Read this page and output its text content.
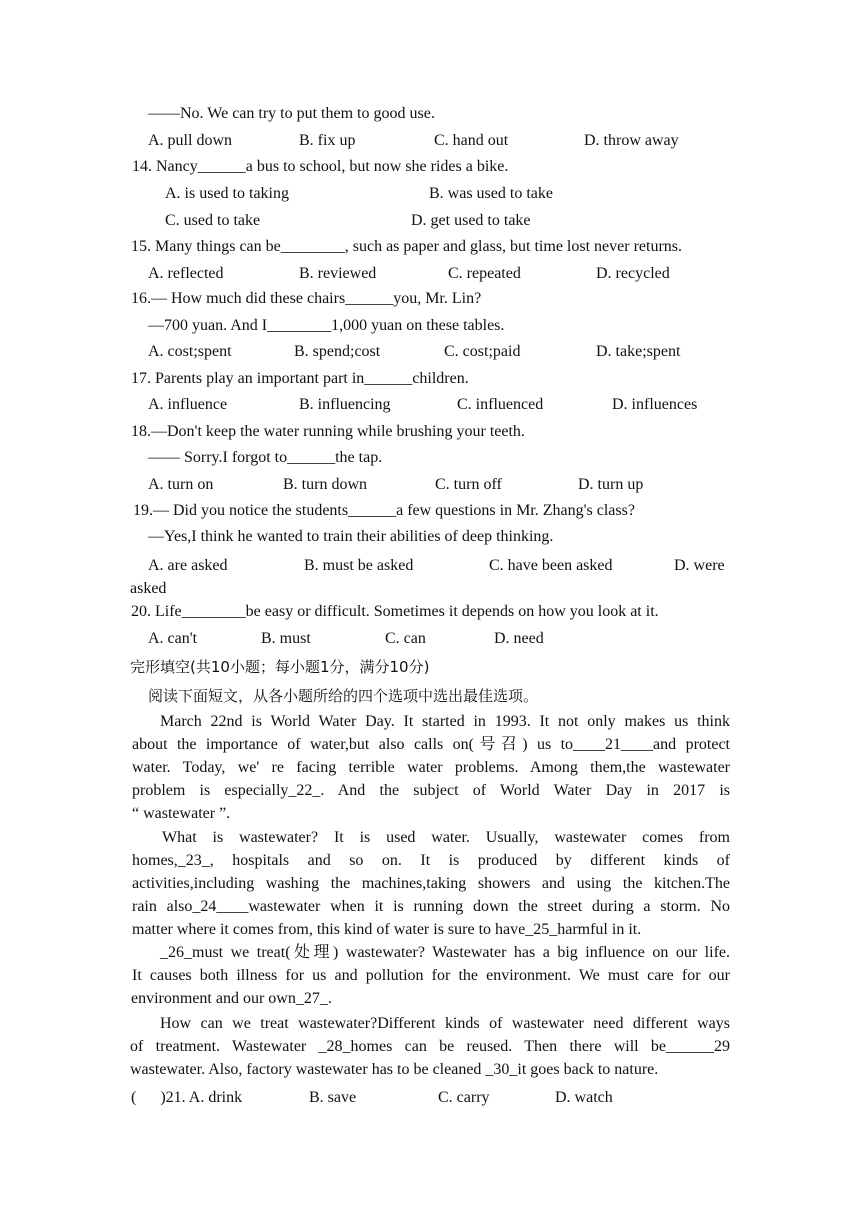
——No. We can try to put them to good use.
A. pull down	B. fix up	C. hand out	D. throw away
14. Nancy______a bus to school, but now she rides a bike.
A. is used to taking	B. was used to take
C. used to take	D. get used to take
15. Many things can be________, such as paper and glass, but time lost never returns.
A. reflected	B. reviewed	C. repeated	D. recycled
16.— How much did these chairs______you, Mr. Lin?
—700 yuan. And I________1,000 yuan on these tables.
A. cost;spent	B. spend;cost	C. cost;paid	D. take;spent
17. Parents play an important part in______children.
A. influence	B. influencing	C. influenced	D. influences
18.—Don't keep the water running while brushing your teeth.
—— Sorry.I forgot to______the tap.
A. turn on	B. turn down	C. turn off	D. turn up
19.— Did you notice the students______a few questions in Mr. Zhang's class?
—Yes,I think he wanted to train their abilities of deep thinking.
A. are asked	B. must be asked	C. have been asked	D. were
asked
20. Life________be easy or difficult. Sometimes it depends on how you look at it.
A. can't	B. must	C. can	D. need
完形填空(共10小题；每小题1分，满分10分)
阅读下面短文，从各小题所给的四个选项中选出最佳选项。
March 22nd is World Water Day. It started in 1993. It not only makes us think
about the importance of water,but also calls on(号召) us to____21____and protect
water. Today, we' re facing terrible water problems. Among them,the wastewater
problem is especially_22_. And the subject of World Water Day in 2017 is
“ wastewater ”.
What is wastewater? It is used water. Usually, wastewater comes from
homes,_23_, hospitals and so on. It is produced by different kinds of
activities,including washing the machines,taking showers and using the kitchen.The
rain also_24____wastewater when it is running down the street during a storm. No
matter where it comes from, this kind of water is sure to have_25_harmful in it.
_26_must we treat(处理) wastewater? Wastewater has a big influence on our life.
It causes both illness for us and pollution for the environment. We must care for our
environment and our own_27_.
How can we treat wastewater?Different kinds of wastewater need different ways
of treatment. Wastewater _28_homes can be reused. Then there will be______29
wastewater. Also, factory wastewater has to be cleaned _30_it goes back to nature.
(      )21. A. drink	B. save	C. carry	D. watch
